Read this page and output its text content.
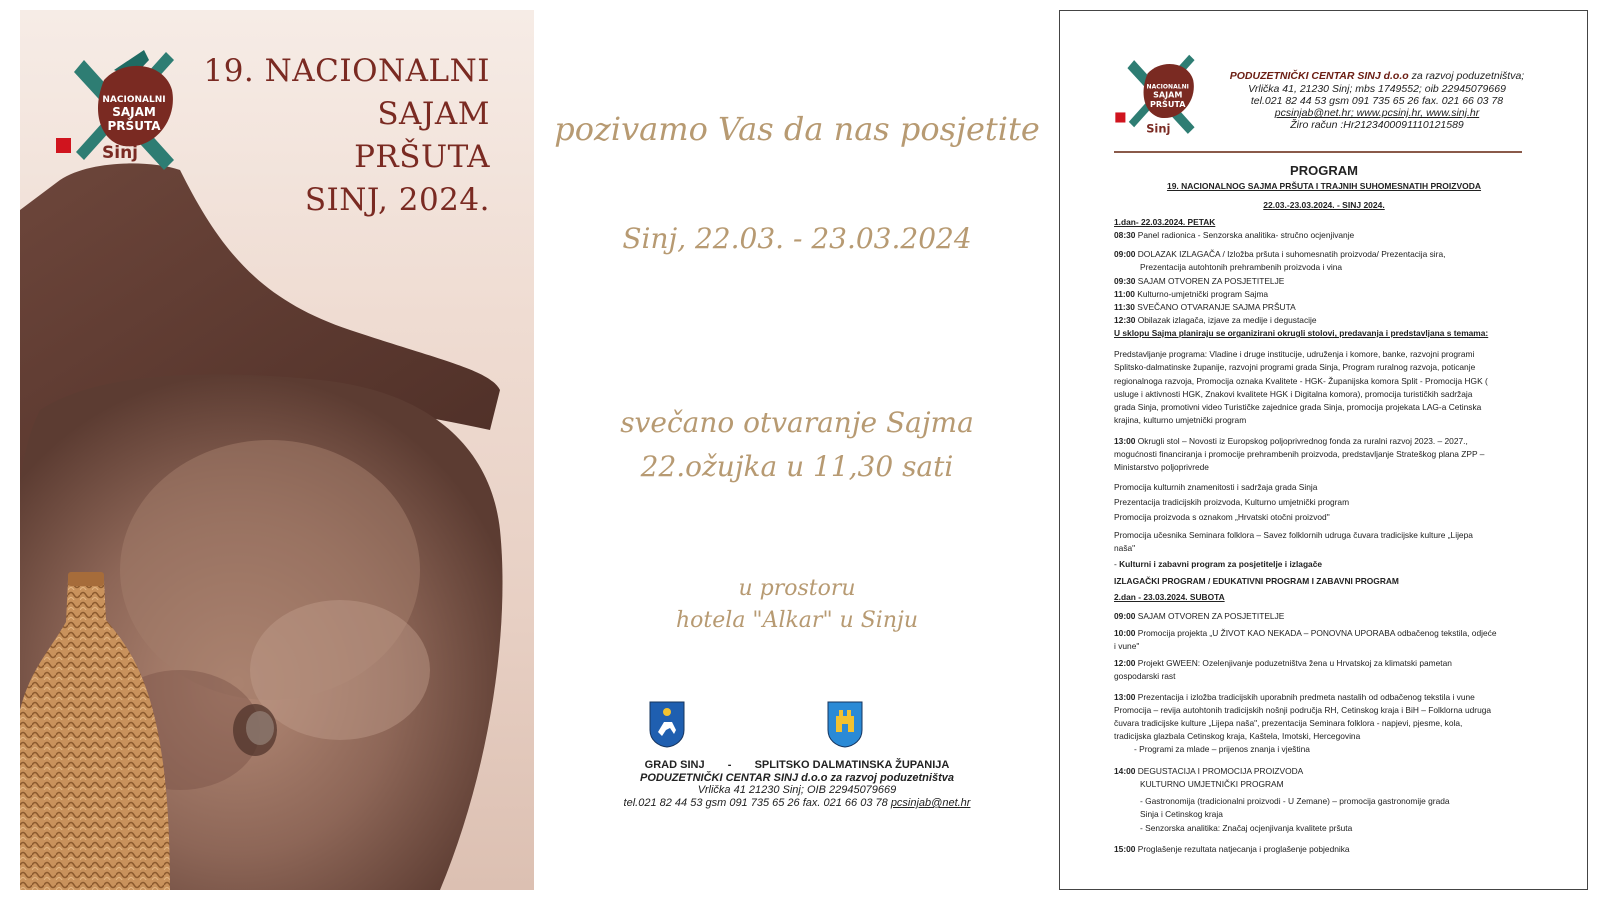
NACIONALNI
SAJAM
PRŠUTA
Sinj
19. NACIONALNI
SAJAM
PRŠUTA
SINJ, 2024.
pozivamo Vas da nas posjetite
Sinj, 22.03. - 23.03.2024
svečano otvaranje Sajma
22.ožujka u 11,30 sati
u prostoru
hotela "Alkar" u Sinju
GRAD SINJ - SPLITSKO DALMATINSKA ŽUPANIJA
PODUZETNIČKI CENTAR SINJ d.o.o za razvoj poduzetništva
Vrlička 41 21230 Sinj; OIB 22945079669
tel.021 82 44 53 gsm 091 735 65 26 fax. 021 66 03 78 pcsinjab@net.hr
NACIONALNI
SAJAM
PRŠUTA
Sinj
PODUZETNIČKI CENTAR SINJ d.o.o za razvoj poduzetništva;
Vrlička 41, 21230 Sinj; mbs 1749552; oib 22945079669
tel.021 82 44 53 gsm 091 735 65 26 fax. 021 66 03 78
pcsinjab@net.hr; www.pcsinj.hr, www.sinj.hr
Žiro račun :Hr2123400091110121589
PROGRAM
19. NACIONALNOG SAJMA PRŠUTA I TRAJNIH SUHOMESNATIH PROIZVODA
22.03.-23.03.2024. - SINJ 2024.
1.dan- 22.03.2024. PETAK
08:30 Panel radionica - Senzorska analitika- stručno ocjenjivanje
09:00 DOLAZAK IZLAGAČA / Izložba pršuta i suhomesnatih proizvoda/ Prezentacija sira,
Prezentacija autohtonih prehrambenih proizvoda i vina
09:30 SAJAM OTVOREN ZA POSJETITELJE
11:00 Kulturno-umjetnički program Sajma
11:30 SVEČANO OTVARANJE SAJMA PRŠUTA
12:30 Obilazak izlagača, izjave za medije i degustacije
U sklopu Sajma planiraju se organizirani okrugli stolovi, predavanja i predstavljana s temama:
Predstavljanje programa: Vladine i druge institucije, udruženja i komore, banke, razvojni programi
Splitsko-dalmatinske županije, razvojni programi grada Sinja, Program ruralnog razvoja, poticanje
regionalnoga razvoja, Promocija oznaka Kvalitete - HGK- Županijska komora Split - Promocija HGK (
usluge i aktivnosti HGK, Znakovi kvalitete HGK i Digitalna komora), promocija turističkih sadržaja
grada Sinja, promotivni video Turističke zajednice grada Sinja, promocija projekata LAG-a Cetinska
krajina, kulturno umjetnički program
13:00 Okrugli stol – Novosti iz Europskog poljoprivrednog fonda za ruralni razvoj 2023. – 2027.,
mogućnosti financiranja i promocije prehrambenih proizvoda, predstavljanje Strateškog plana ZPP –
Ministarstvo poljoprivrede
Promocija kulturnih znamenitosti i sadržaja grada Sinja
Prezentacija tradicijskih proizvoda, Kulturno umjetnički program
Promocija proizvoda s oznakom „Hrvatski otočni proizvod"
Promocija učesnika Seminara folklora – Savez folklornih udruga čuvara tradicijske kulture „Lijepa
naša"
- Kulturni i zabavni program za posjetitelje i izlagače
IZLAGAČKI PROGRAM / EDUKATIVNI PROGRAM I ZABAVNI PROGRAM
2.dan - 23.03.2024. SUBOTA
09:00 SAJAM OTVOREN ZA POSJETITELJE
10:00 Promocija projekta „U ŽIVOT KAO NEKADA – PONOVNA UPORABA odbačenog tekstila, odjeće
i vune"
12:00 Projekt GWEEN: Ozelenjivanje poduzetništva žena u Hrvatskoj za klimatski pametan
gospodarski rast
13:00 Prezentacija i izložba tradicijskih uporabnih predmeta nastalih od odbačenog tekstila i vune
Promocija – revija autohtonih tradicijskih nošnji područja RH, Cetinskog kraja i BiH – Folklorna udruga
čuvara tradicijske kulture „Lijepa naša", prezentacija Seminara folklora - napjevi, pjesme, kola,
tradicijska glazbala Cetinskog kraja, Kaštela, Imotski, Hercegovina
- Programi za mlade – prijenos znanja i vještina
14:00 DEGUSTACIJA I PROMOCIJA PROIZVODA
KULTURNO UMJETNIČKI PROGRAM
- Gastronomija (tradicionalni proizvodi - U Zemane) – promocija gastronomije grada
Sinja i Cetinskog kraja
- Senzorska analitika: Značaj ocjenjivanja kvalitete pršuta
15:00 Proglašenje rezultata natjecanja i proglašenje pobjednika
